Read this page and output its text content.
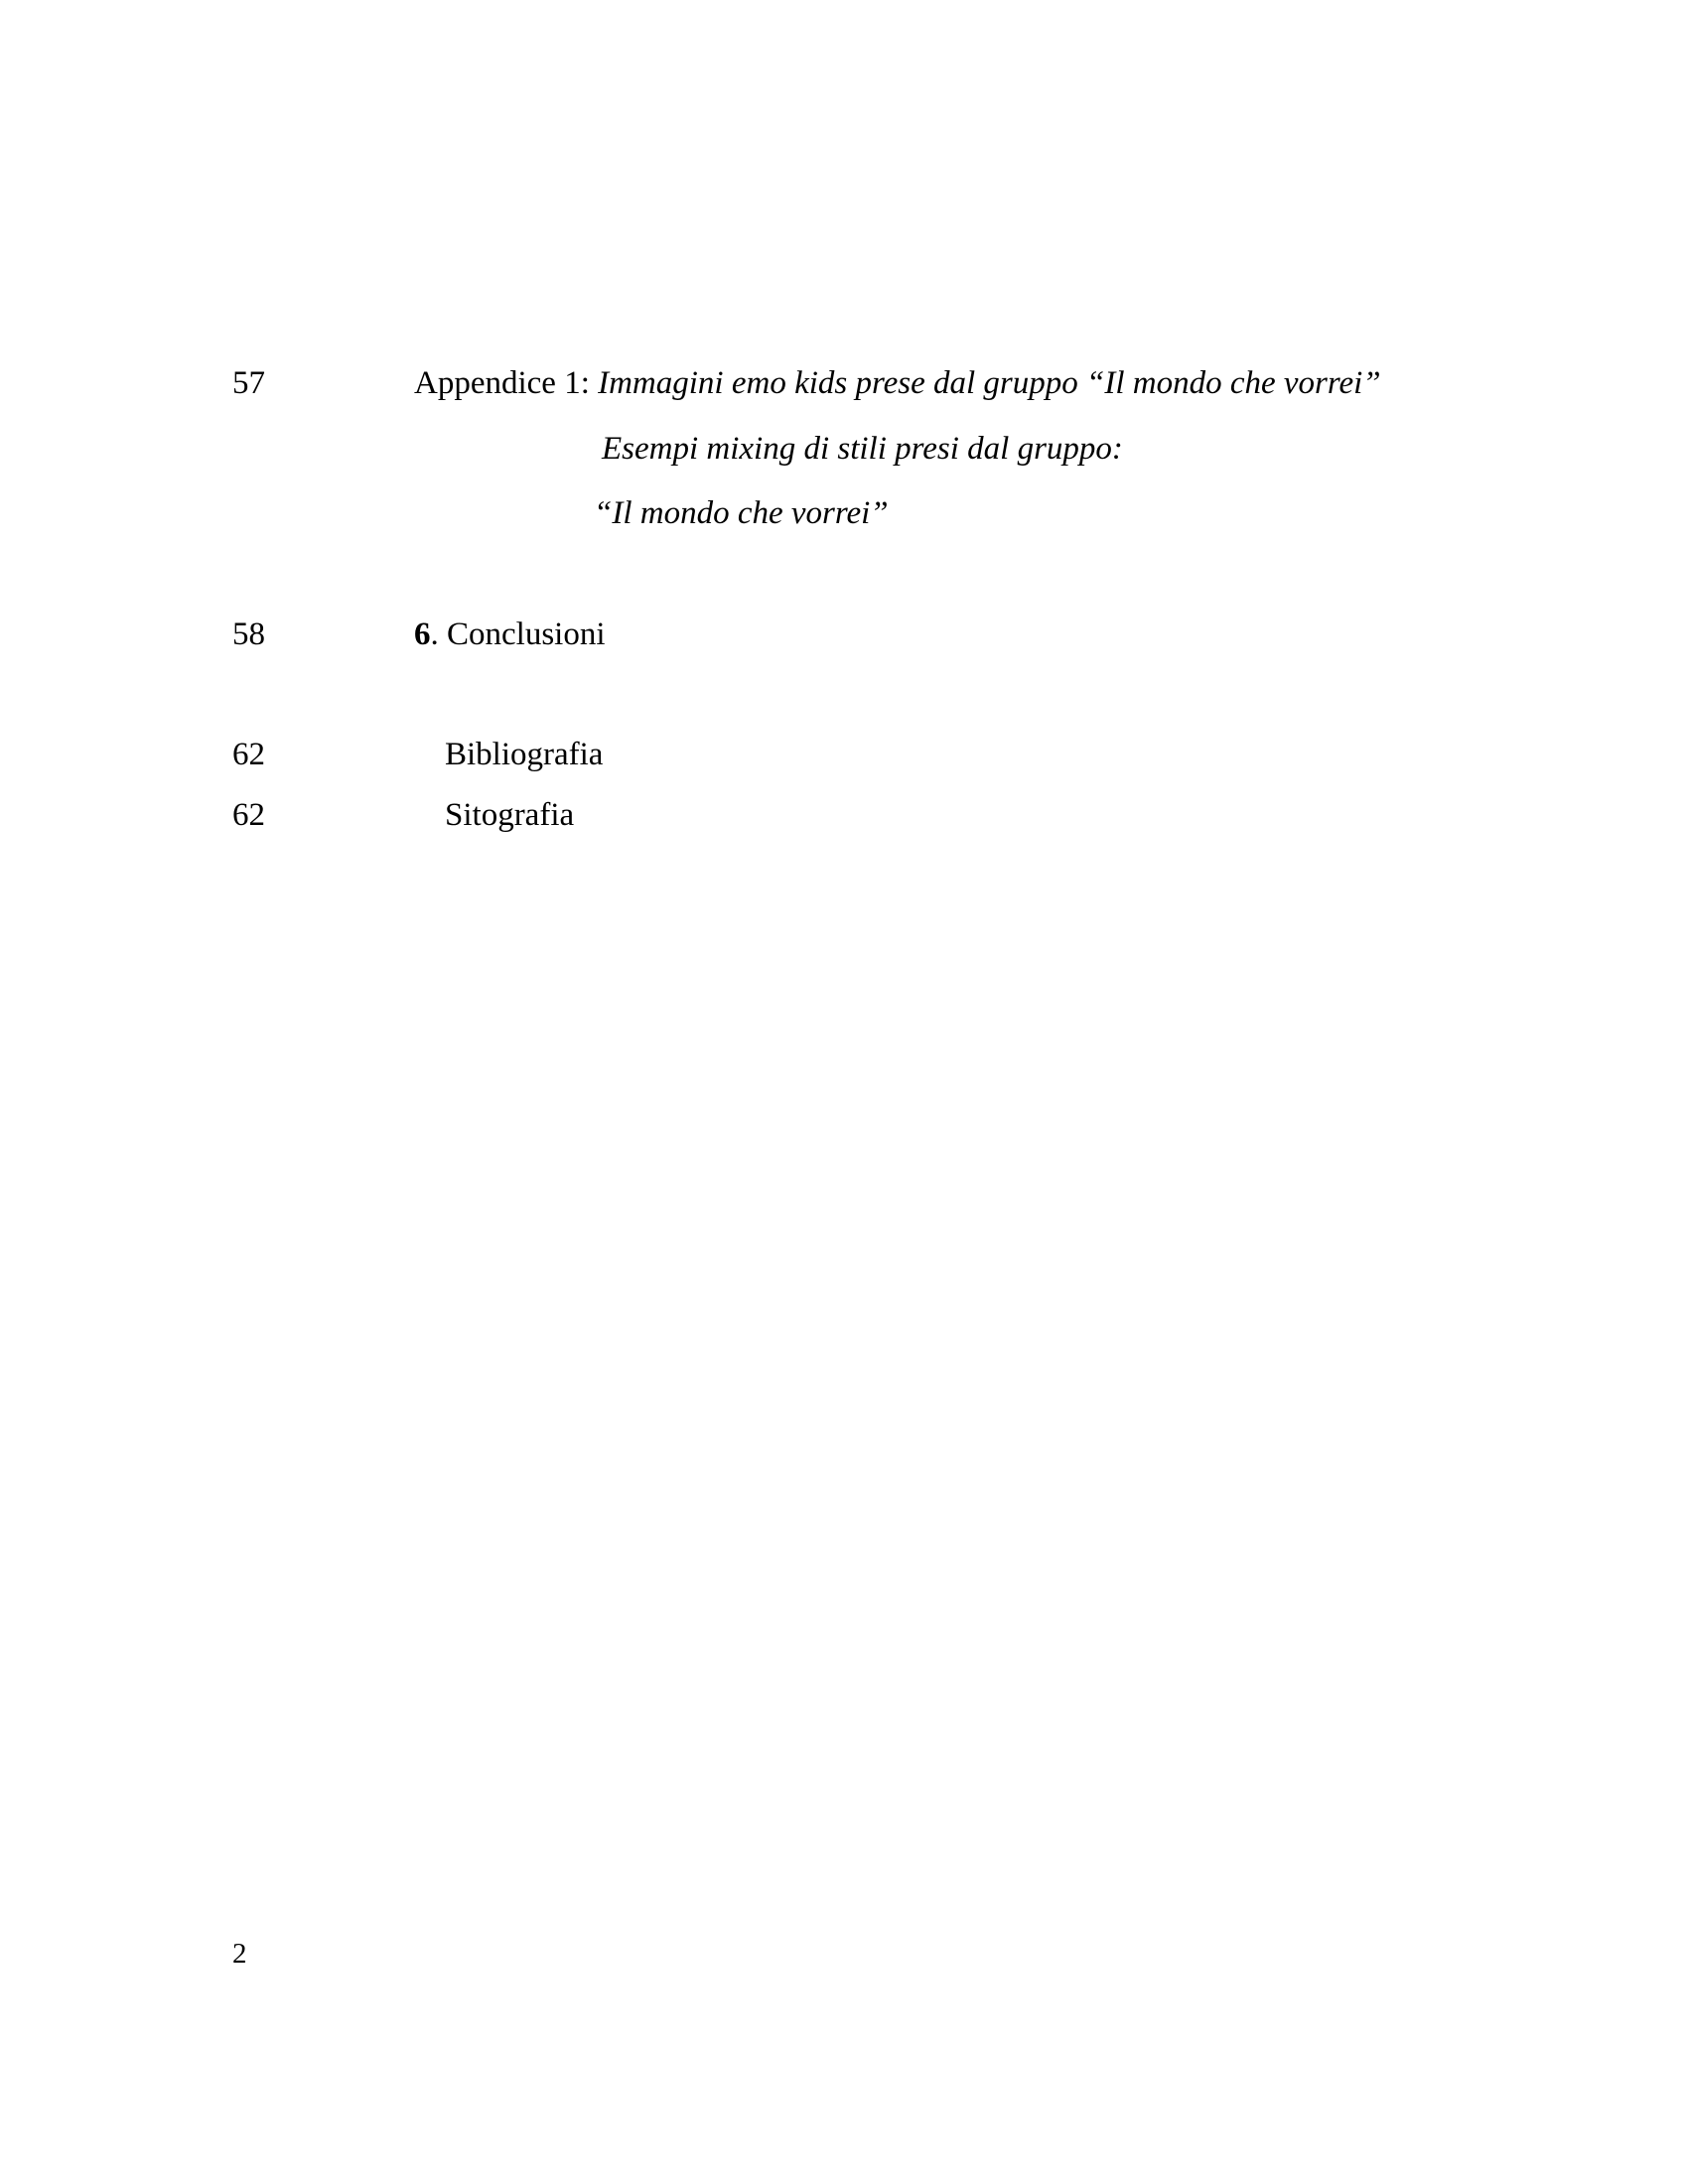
57	Appendice 1: Immagini emo kids prese dal gruppo “Il mondo che vorrei”
Esempi mixing di stili presi dal gruppo:
“Il mondo che vorrei”
58	6. Conclusioni
62	Bibliografia
62	Sitografia
2
